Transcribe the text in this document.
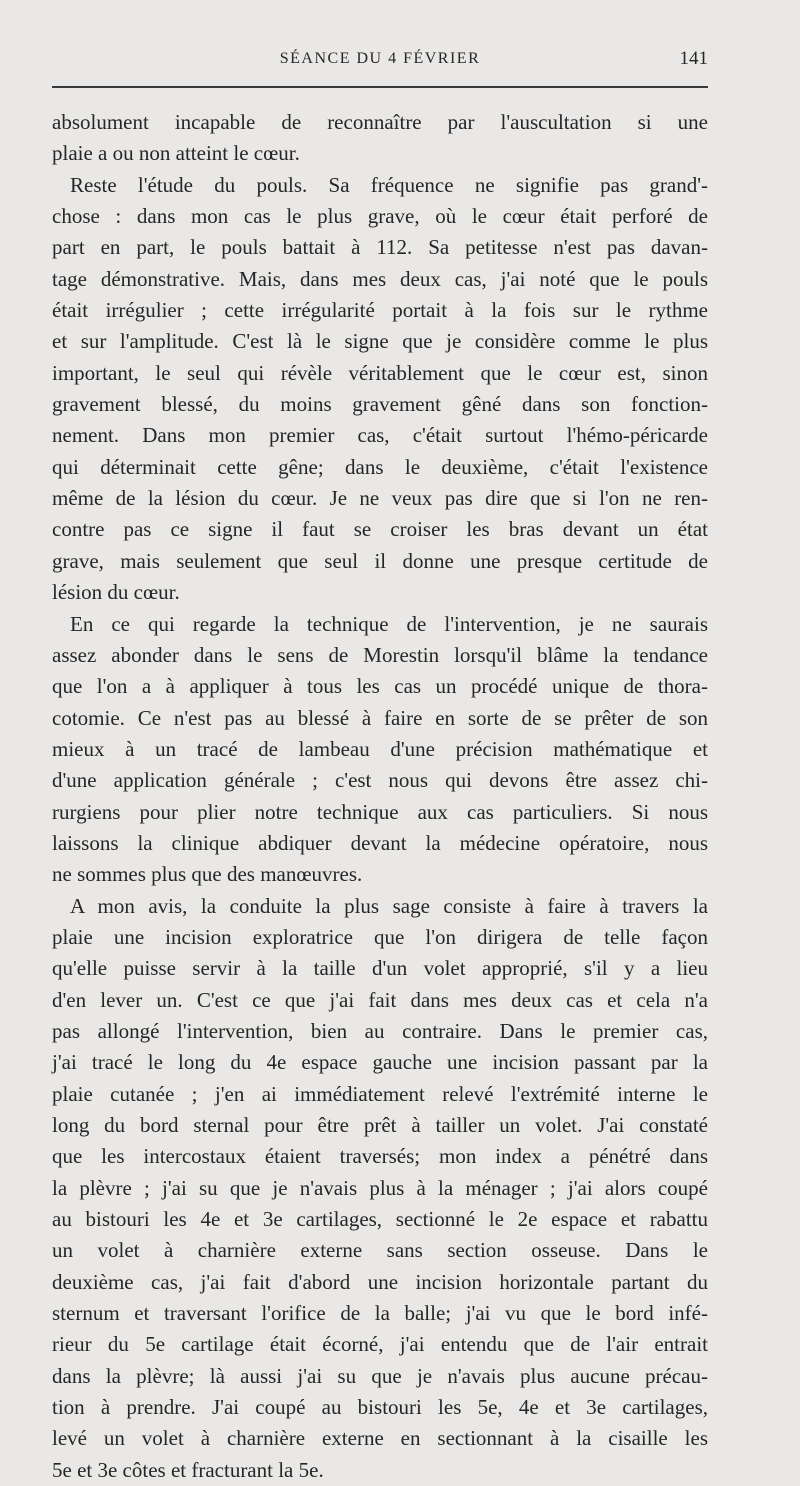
SÉANCE DU 4 FÉVRIER	141
absolument incapable de reconnaître par l'auscultation si une
plaie a ou non atteint le cœur.
Reste l'étude du pouls. Sa fréquence ne signifie pas grand'-
chose : dans mon cas le plus grave, où le cœur était perforé de
part en part, le pouls battait à 112. Sa petitesse n'est pas davan-
tage démonstrative. Mais, dans mes deux cas, j'ai noté que le pouls
était irrégulier ; cette irrégularité portait à la fois sur le rythme
et sur l'amplitude. C'est là le signe que je considère comme le plus
important, le seul qui révèle véritablement que le cœur est, sinon
gravement blessé, du moins gravement gêné dans son fonction-
nement. Dans mon premier cas, c'était surtout l'hémo-péricarde
qui déterminait cette gêne; dans le deuxième, c'était l'existence
même de la lésion du cœur. Je ne veux pas dire que si l'on ne ren-
contre pas ce signe il faut se croiser les bras devant un état
grave, mais seulement que seul il donne une presque certitude de
lésion du cœur.
En ce qui regarde la technique de l'intervention, je ne saurais
assez abonder dans le sens de Morestin lorsqu'il blâme la tendance
que l'on a à appliquer à tous les cas un procédé unique de thora-
cotomie. Ce n'est pas au blessé à faire en sorte de se prêter de son
mieux à un tracé de lambeau d'une précision mathématique et
d'une application générale ; c'est nous qui devons être assez chi-
rurgiens pour plier notre technique aux cas particuliers. Si nous
laissons la clinique abdiquer devant la médecine opératoire, nous
ne sommes plus que des manœuvres.
A mon avis, la conduite la plus sage consiste à faire à travers la
plaie une incision exploratrice que l'on dirigera de telle façon
qu'elle puisse servir à la taille d'un volet approprié, s'il y a lieu
d'en lever un. C'est ce que j'ai fait dans mes deux cas et cela n'a
pas allongé l'intervention, bien au contraire. Dans le premier cas,
j'ai tracé le long du 4e espace gauche une incision passant par la
plaie cutanée ; j'en ai immédiatement relevé l'extrémité interne le
long du bord sternal pour être prêt à tailler un volet. J'ai constaté
que les intercostaux étaient traversés; mon index a pénétré dans
la plèvre ; j'ai su que je n'avais plus à la ménager ; j'ai alors coupé
au bistouri les 4e et 3e cartilages, sectionné le 2e espace et rabattu
un volet à charnière externe sans section osseuse. Dans le
deuxième cas, j'ai fait d'abord une incision horizontale partant du
sternum et traversant l'orifice de la balle; j'ai vu que le bord infé-
rieur du 5e cartilage était écorné, j'ai entendu que de l'air entrait
dans la plèvre; là aussi j'ai su que je n'avais plus aucune précau-
tion à prendre. J'ai coupé au bistouri les 5e, 4e et 3e cartilages,
levé un volet à charnière externe en sectionnant à la cisaille les
5e et 3e côtes et fracturant la 5e.
